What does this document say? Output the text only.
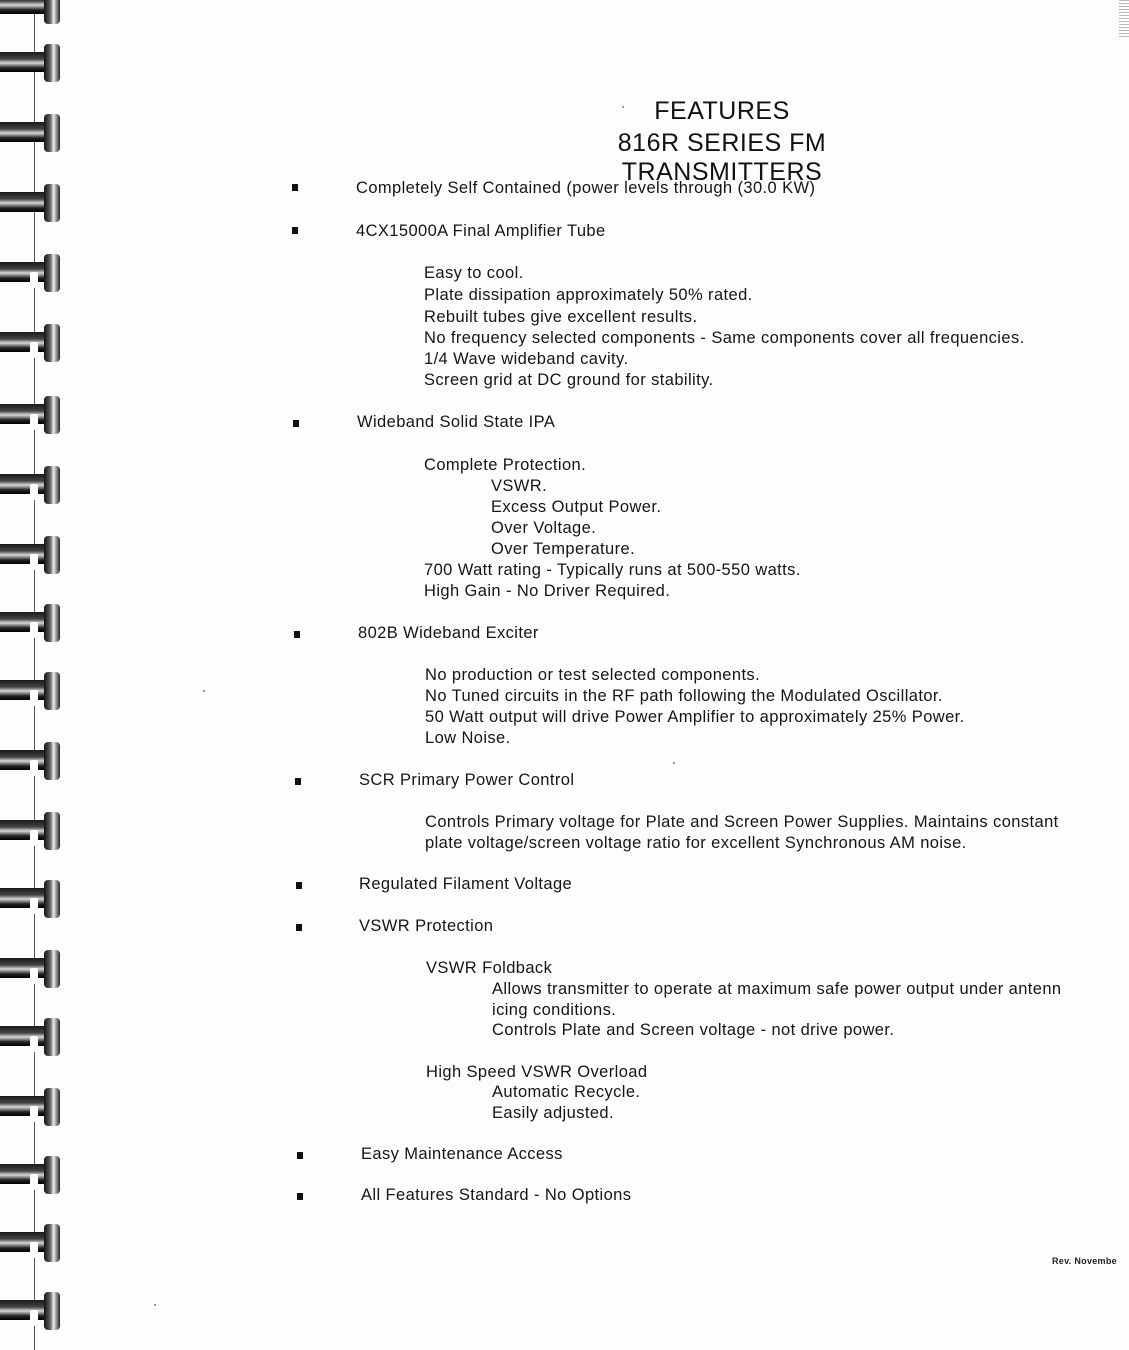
FEATURES
816R SERIES FM TRANSMITTERS
Completely Self Contained (power levels through (30.0 KW)
4CX15000A Final Amplifier Tube
Easy to cool.
Plate dissipation approximately 50% rated.
Rebuilt tubes give excellent results.
No frequency selected components - Same components cover all frequencies.
1/4 Wave wideband cavity.
Screen grid at DC ground for stability.
Wideband Solid State IPA
Complete Protection.
VSWR.
Excess Output Power.
Over Voltage.
Over Temperature.
700 Watt rating - Typically runs at 500-550 watts.
High Gain - No Driver Required.
802B Wideband Exciter
No production or test selected components.
No Tuned circuits in the RF path following the Modulated Oscillator.
50 Watt output will drive Power Amplifier to approximately 25% Power.
Low Noise.
SCR Primary Power Control
Controls Primary voltage for Plate and Screen Power Supplies. Maintains constant
plate voltage/screen voltage ratio for excellent Synchronous AM noise.
Regulated Filament Voltage
VSWR Protection
VSWR Foldback
Allows transmitter to operate at maximum safe power output under antenn
icing conditions.
Controls Plate and Screen voltage - not drive power.
High Speed VSWR Overload
Automatic Recycle.
Easily adjusted.
Easy Maintenance Access
All Features Standard - No Options
Rev. Novembe
